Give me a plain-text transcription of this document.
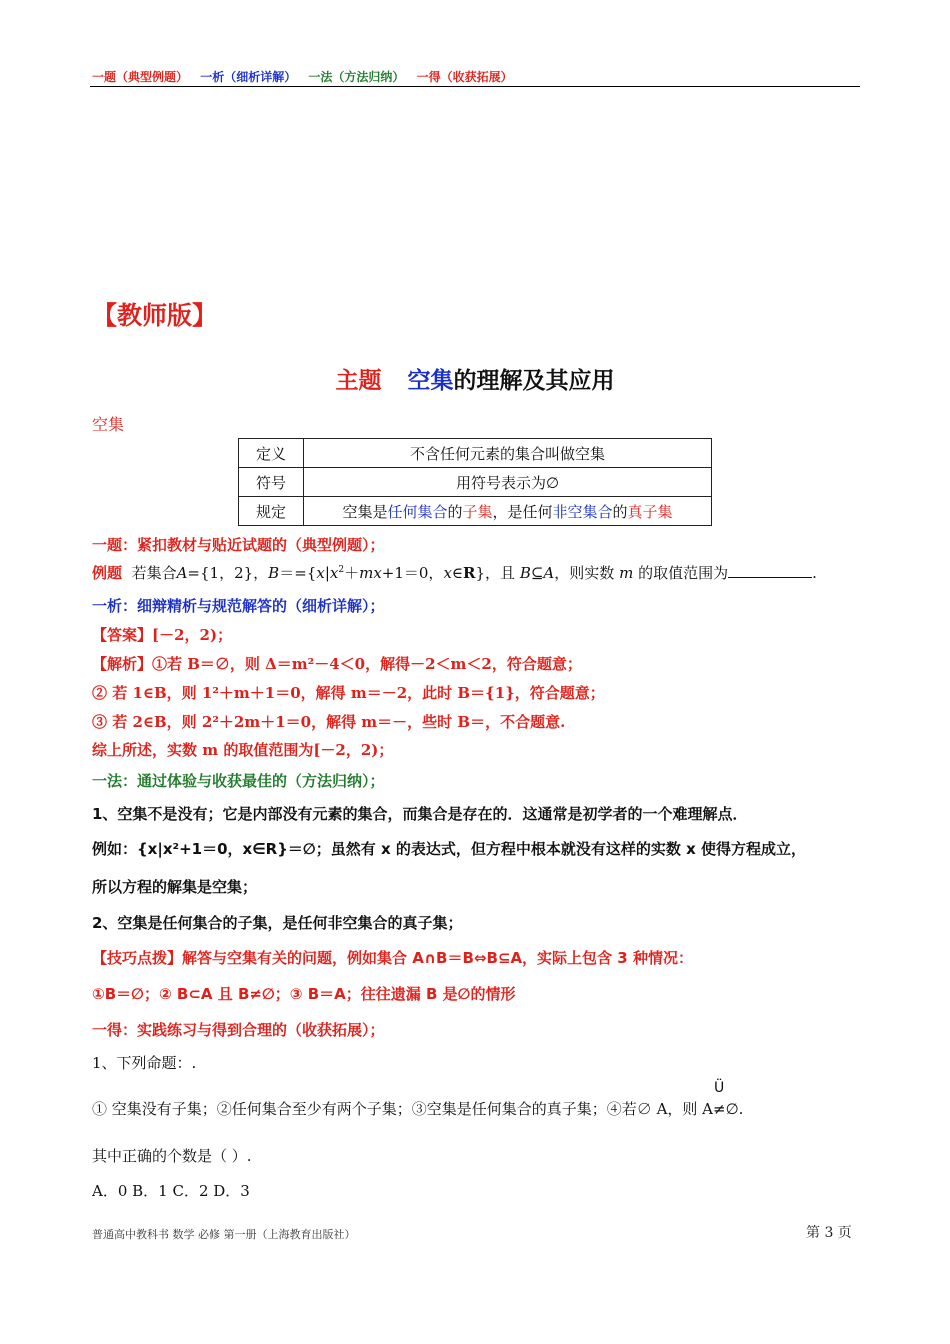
一题（典型例题） 一析（细析详解） 一法（方法归纳） 一得（收获拓展）
【教师版】
主题 空集的理解及其应用
空集
定义	不含任何元素的集合叫做空集
符号	用符号表示为∅
规定	空集是任何集合的子集，是任何非空集合的真子集
一题：紧扣教材与贴近试题的（典型例题）；
例题 若集合A={1，2}，$B==\{x|x^2+mx+1=0$，x∈R}，且 B⊆A，则实数 m 的取值范围为	.
一析：细辩精析与规范解答的（细析详解）；
【答案】[－2，2)；
【解析】①若 B＝∅，则 Δ＝m²－4＜0，解得－2＜m＜2，符合题意；
② 若 1∈B，则 1²＋m＋1＝0，解得 m＝－2，此时 B＝{1}，符合题意；
③ 若 2∈B，则 2²＋2m＋1＝0，解得 m＝－，些时 B＝，不合题意.
综上所述，实数 m 的取值范围为[－2，2)；
一法：通过体验与收获最佳的（方法归纳）；
1、空集不是没有；它是内部没有元素的集合，而集合是存在的．这通常是初学者的一个难理解点．
例如：{x|x²+1＝0，x∈R}＝∅；虽然有 x 的表达式，但方程中根本就没有这样的实数 x 使得方程成立，
所以方程的解集是空集；
2、空集是任何集合的子集，是任何非空集合的真子集；
【技巧点拨】解答与空集有关的问题，例如集合 A∩B＝B⇔B⊆A，实际上包含 3 种情况：
①B＝∅；② B⊂A 且 B≠∅；③ B＝A；往往遗漏 B 是∅的情形
一得：实践练习与得到合理的（收获拓展）；
1、下列命题：.
Ü
① 空集没有子集；②任何集合至少有两个子集；③空集是任何集合的真子集；④若∅ A，则 A≠∅.
其中正确的个数是（ ）.
A．0 B．1 C．2 D．3
普通高中教科书 数学 必修 第一册（上海教育出版社）	第 3 页
